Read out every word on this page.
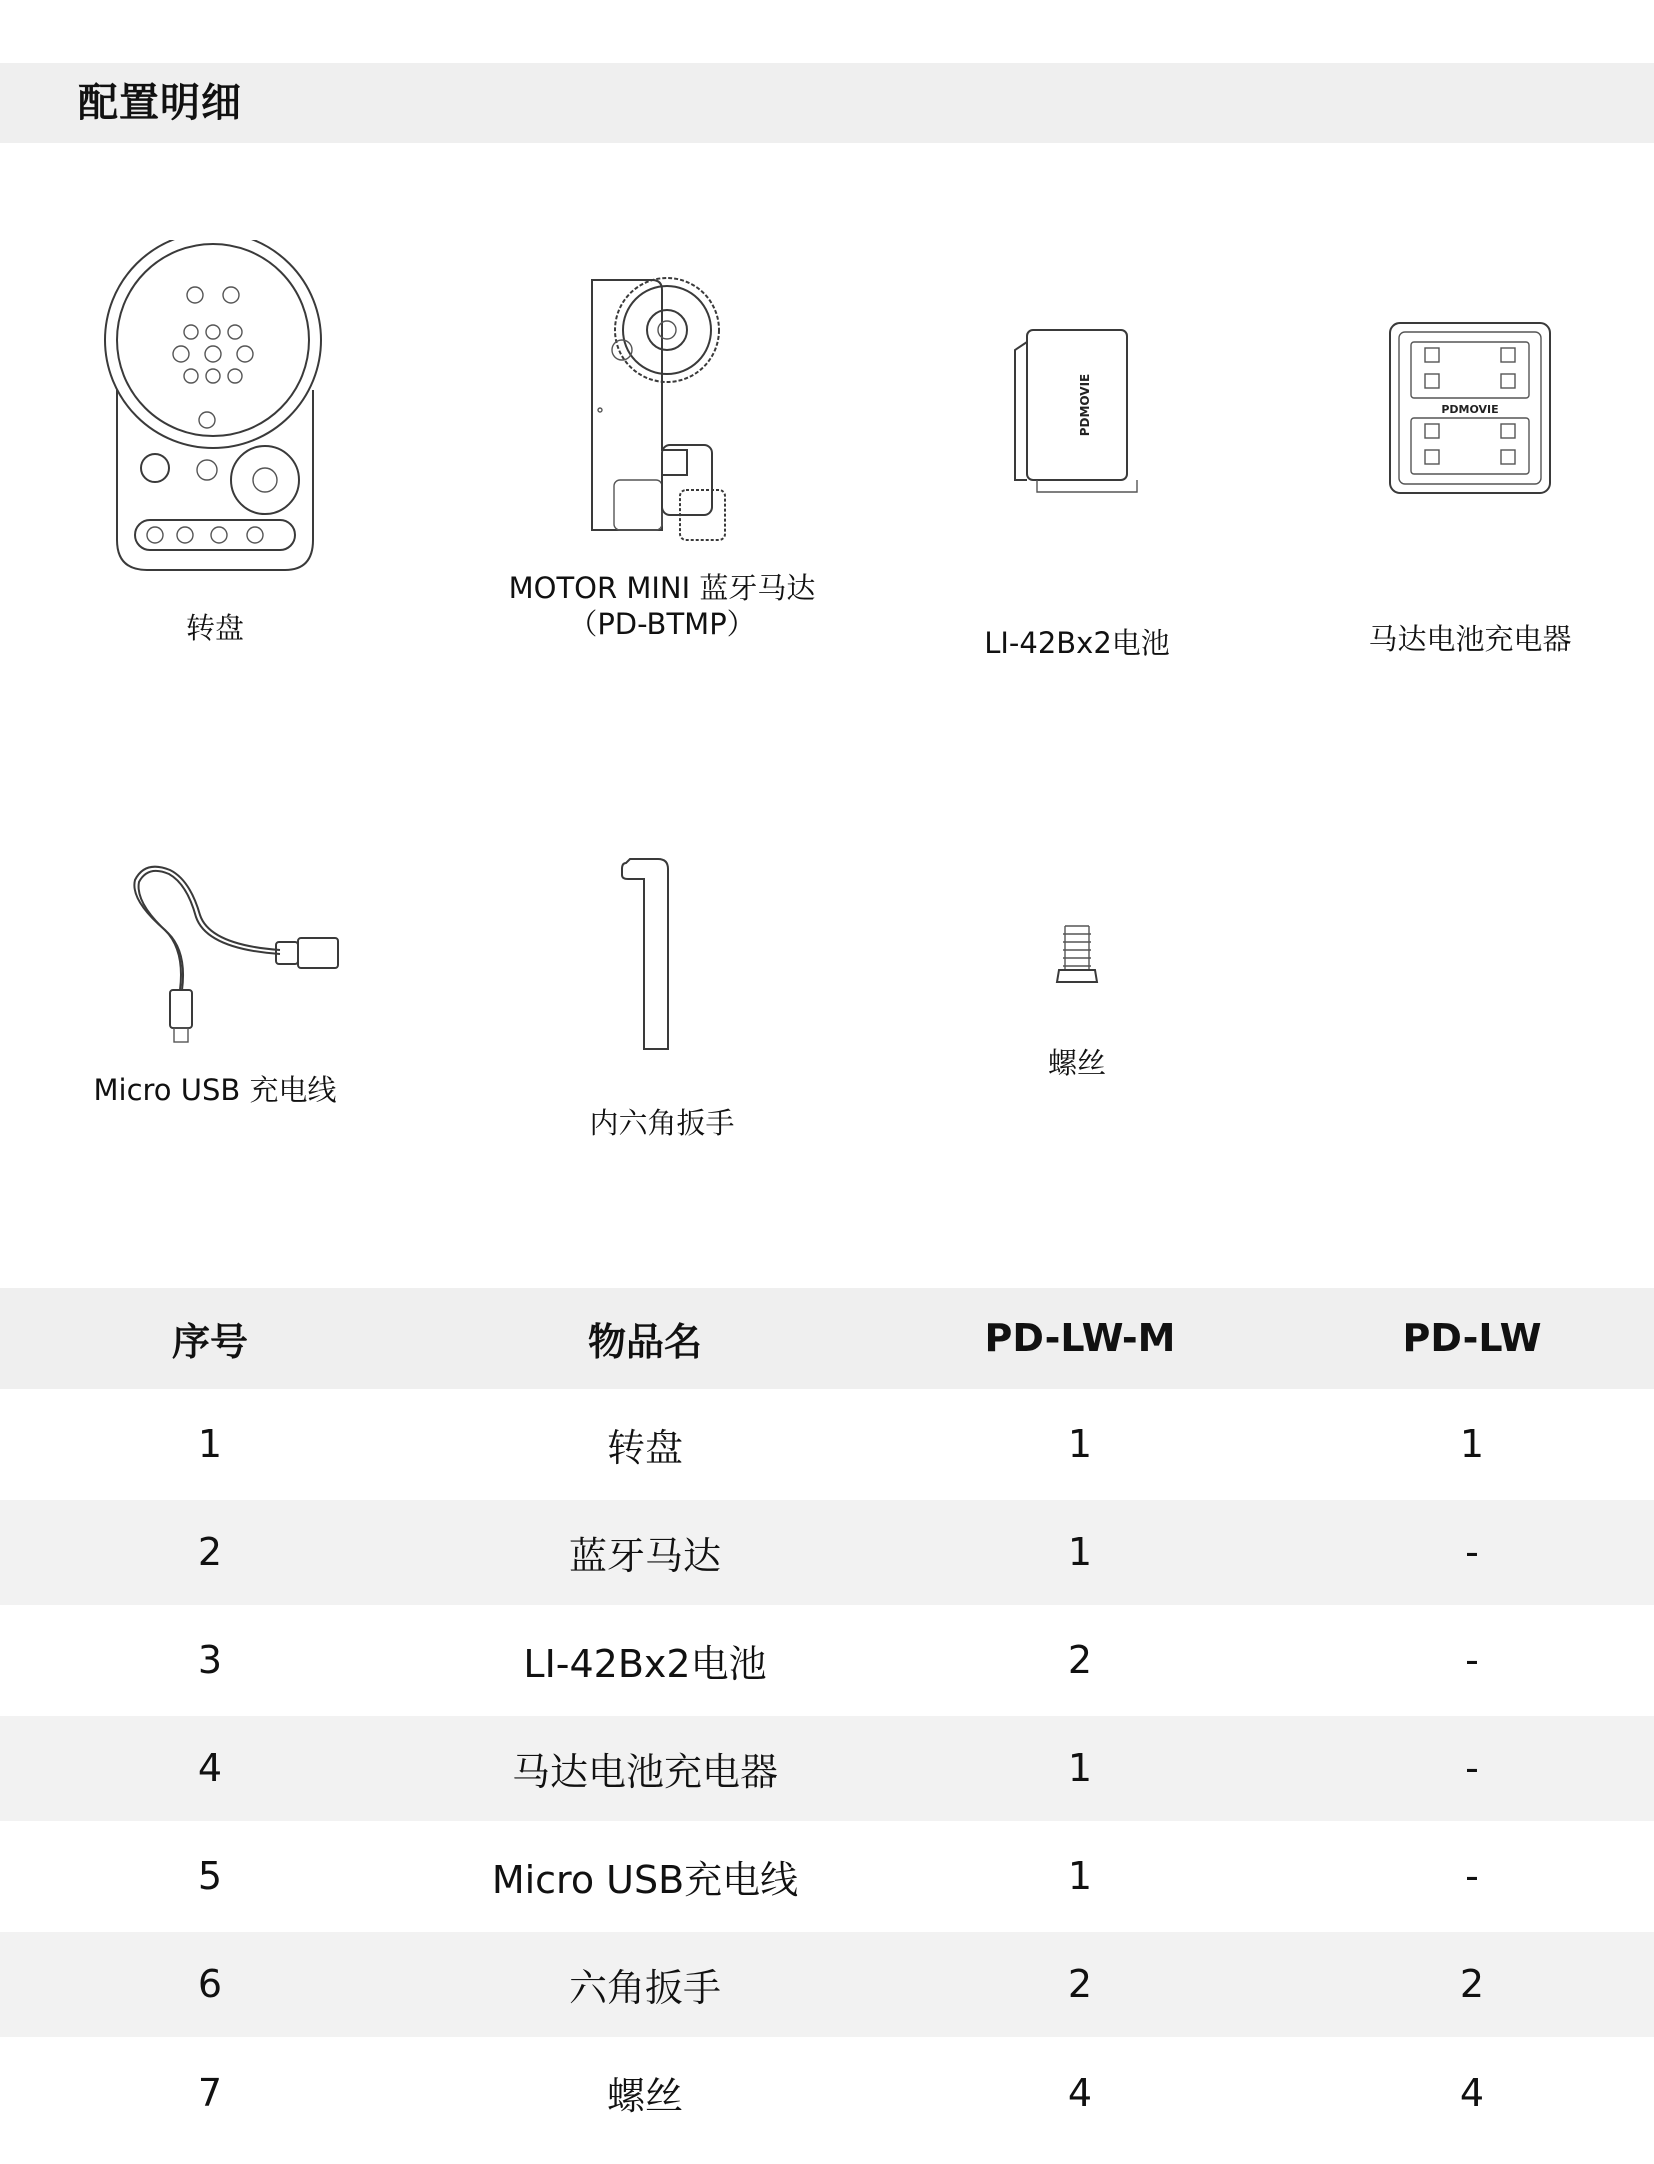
配置明细
转盘
MOTOR MINI 蓝牙马达
（PD-BTMP）
PDMOVIE
LI-42Bx2电池
PDMOVIE
马达电池充电器
Micro USB 充电线
内六角扳手
螺丝
序号	物品名	PD-LW-M	PD-LW
1	转盘	1	1
2	蓝牙马达	1	-
3	LI-42Bx2电池	2	-
4	马达电池充电器	1	-
5	Micro USB充电线	1	-
6	六角扳手	2	2
7	螺丝	4	4
